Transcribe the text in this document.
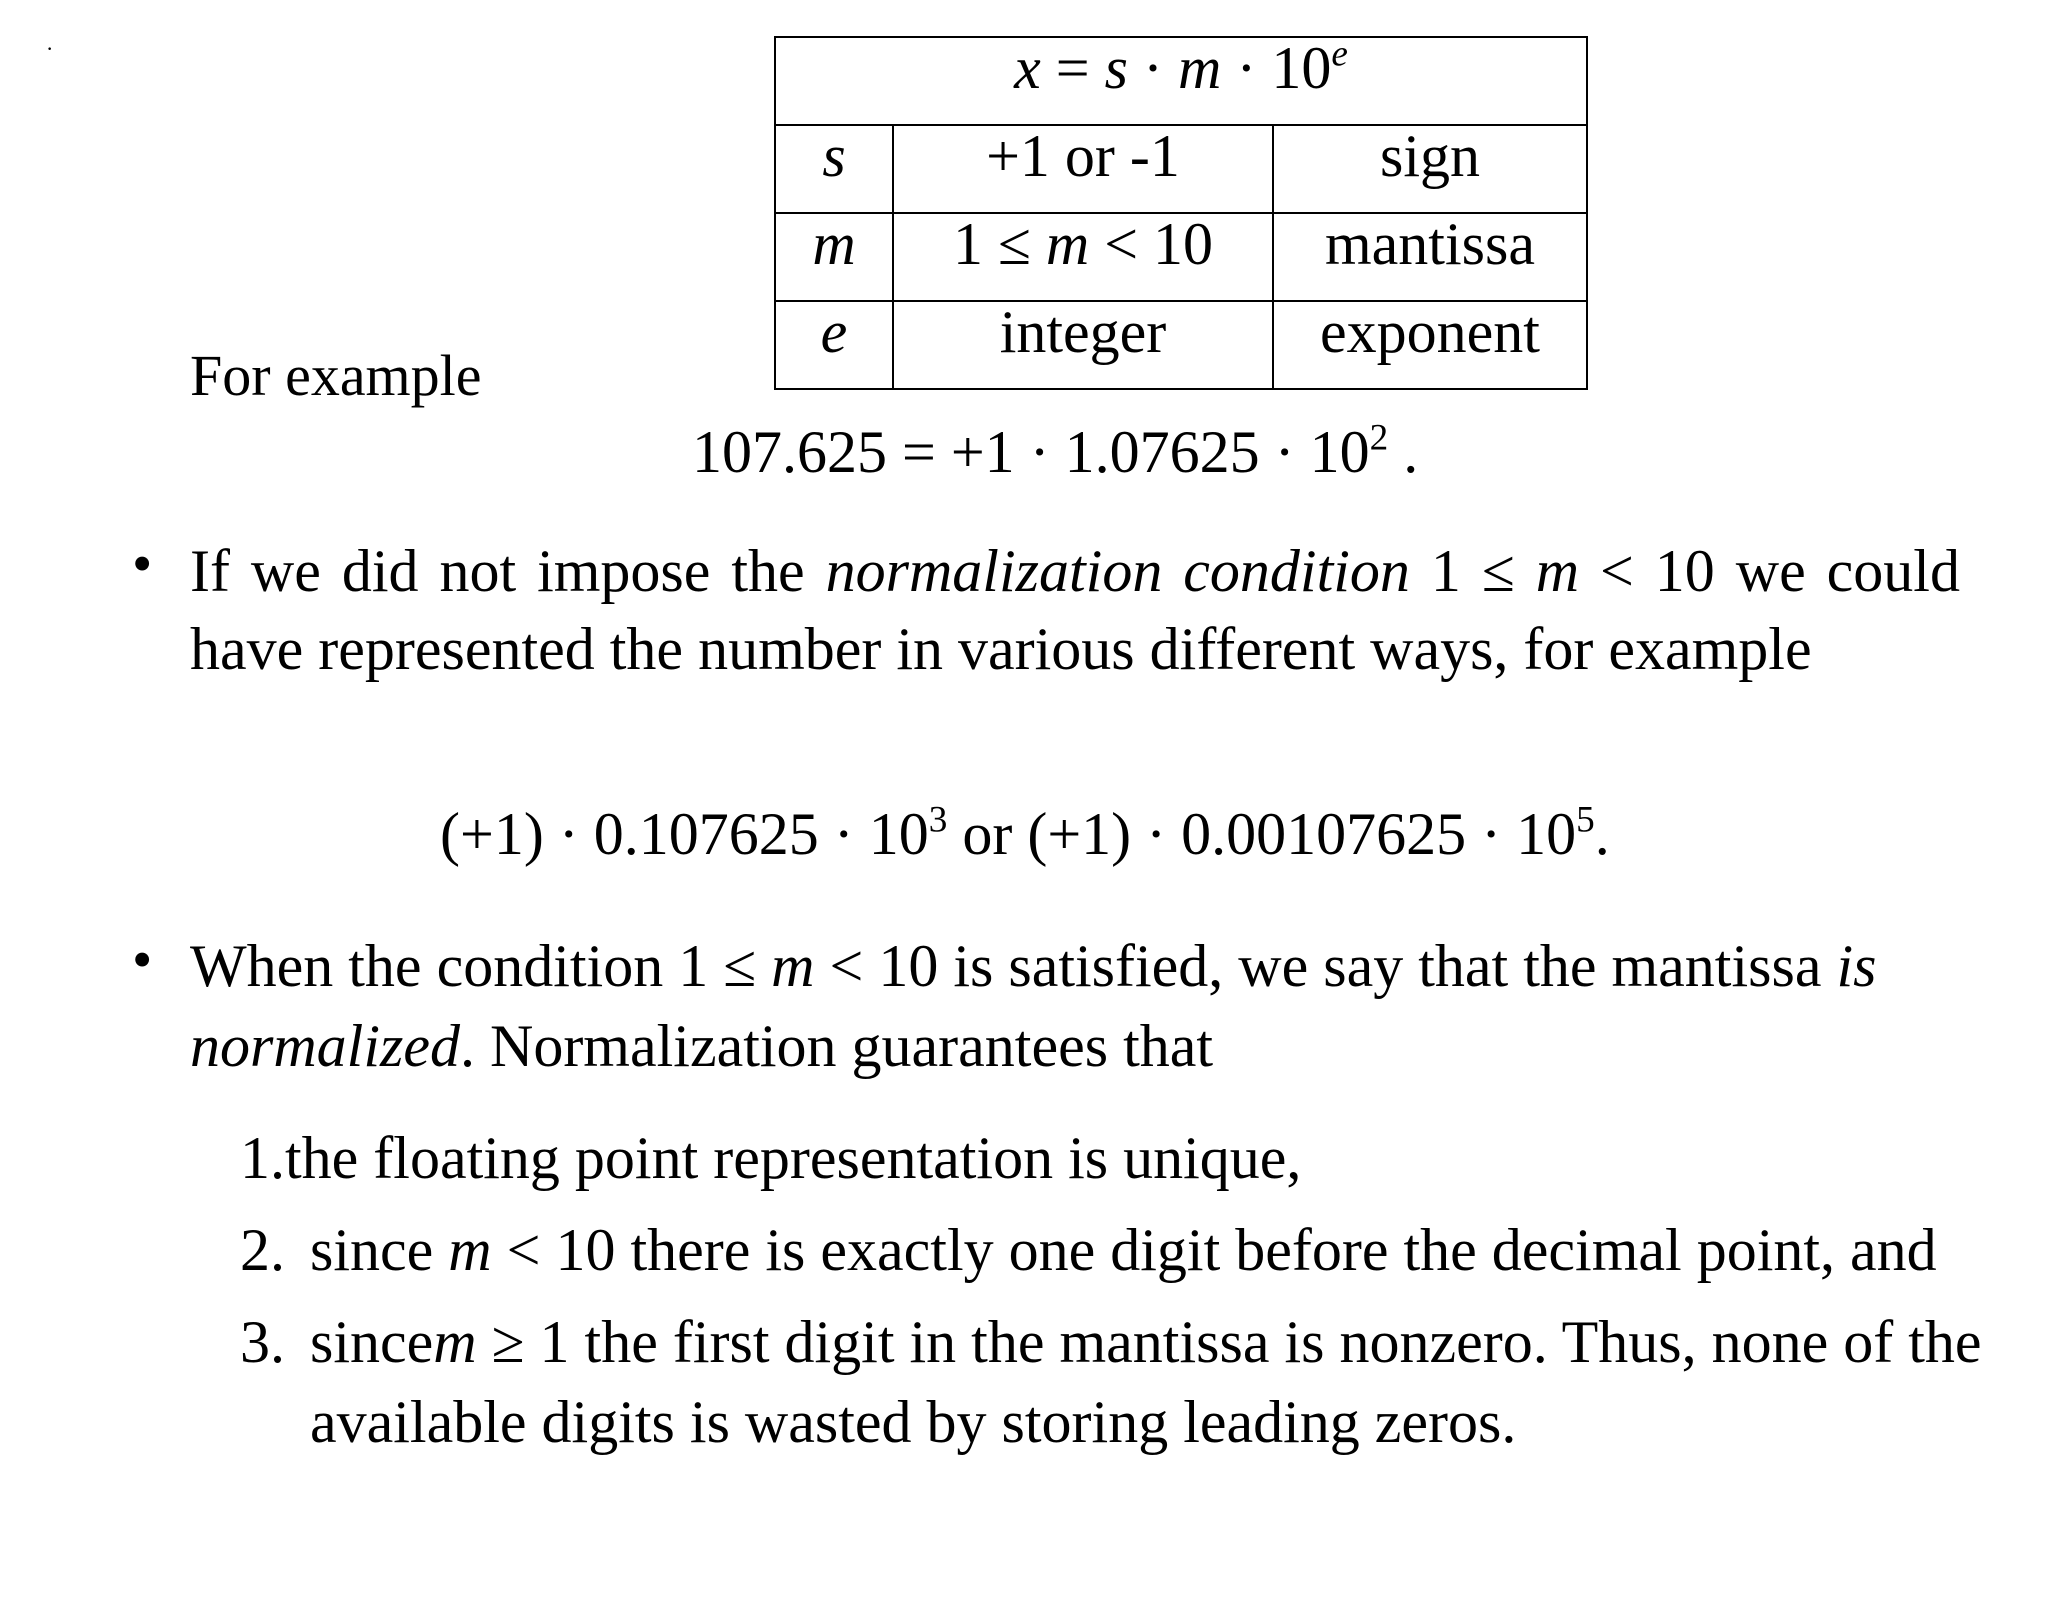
·	$x = s \cdot m \cdot 10^e$
s	+1 or -1	sign
m	1 ≤ m < 10	mantissa
e	integer	exponent
For example
$107.625 = +1 \cdot 1.07625 \cdot 10^2$ .
• If we did not impose the normalization condition 1 ≤ m < 10 we could have represented the number in various different ways, for example
$(+1) \cdot 0.107625 \cdot 10^3$ or $(+1) \cdot 0.00107625 \cdot 10^5$.
• When the condition 1 ≤ m < 10 is satisfied, we say that the mantissa is normalized. Normalization guarantees that
1.the floating point representation is unique,
2. since m < 10 there is exactly one digit before the decimal point, and
3. sincem ≥ 1 the first digit in the mantissa is nonzero. Thus, none of the available digits is wasted by storing leading zeros.
